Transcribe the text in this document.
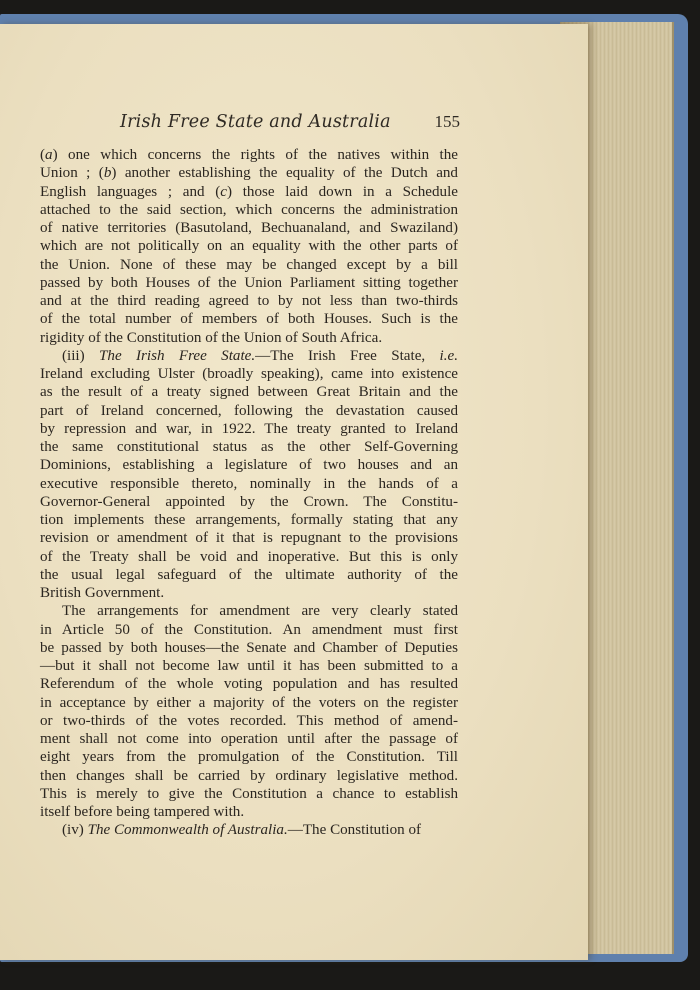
Irish Free State and Australia	155
(a) one which concerns the rights of the natives within the
Union ; (b) another establishing the equality of the Dutch and
English languages ; and (c) those laid down in a Schedule
attached to the said section, which concerns the administration
of native territories (Basutoland, Bechuanaland, and Swaziland)
which are not politically on an equality with the other parts of
the Union. None of these may be changed except by a bill
passed by both Houses of the Union Parliament sitting together
and at the third reading agreed to by not less than two-thirds
of the total number of members of both Houses. Such is the
rigidity of the Constitution of the Union of South Africa.
(iii) The Irish Free State.—The Irish Free State, i.e.
Ireland excluding Ulster (broadly speaking), came into existence
as the result of a treaty signed between Great Britain and the
part of Ireland concerned, following the devastation caused
by repression and war, in 1922. The treaty granted to Ireland
the same constitutional status as the other Self-Governing
Dominions, establishing a legislature of two houses and an
executive responsible thereto, nominally in the hands of a
Governor-General appointed by the Crown. The Constitu-
tion implements these arrangements, formally stating that any
revision or amendment of it that is repugnant to the provisions
of the Treaty shall be void and inoperative. But this is only
the usual legal safeguard of the ultimate authority of the
British Government.
The arrangements for amendment are very clearly stated
in Article 50 of the Constitution. An amendment must first
be passed by both houses—the Senate and Chamber of Deputies
—but it shall not become law until it has been submitted to a
Referendum of the whole voting population and has resulted
in acceptance by either a majority of the voters on the register
or two-thirds of the votes recorded. This method of amend-
ment shall not come into operation until after the passage of
eight years from the promulgation of the Constitution. Till
then changes shall be carried by ordinary legislative method.
This is merely to give the Constitution a chance to establish
itself before being tampered with.
(iv) The Commonwealth of Australia.—The Constitution of
